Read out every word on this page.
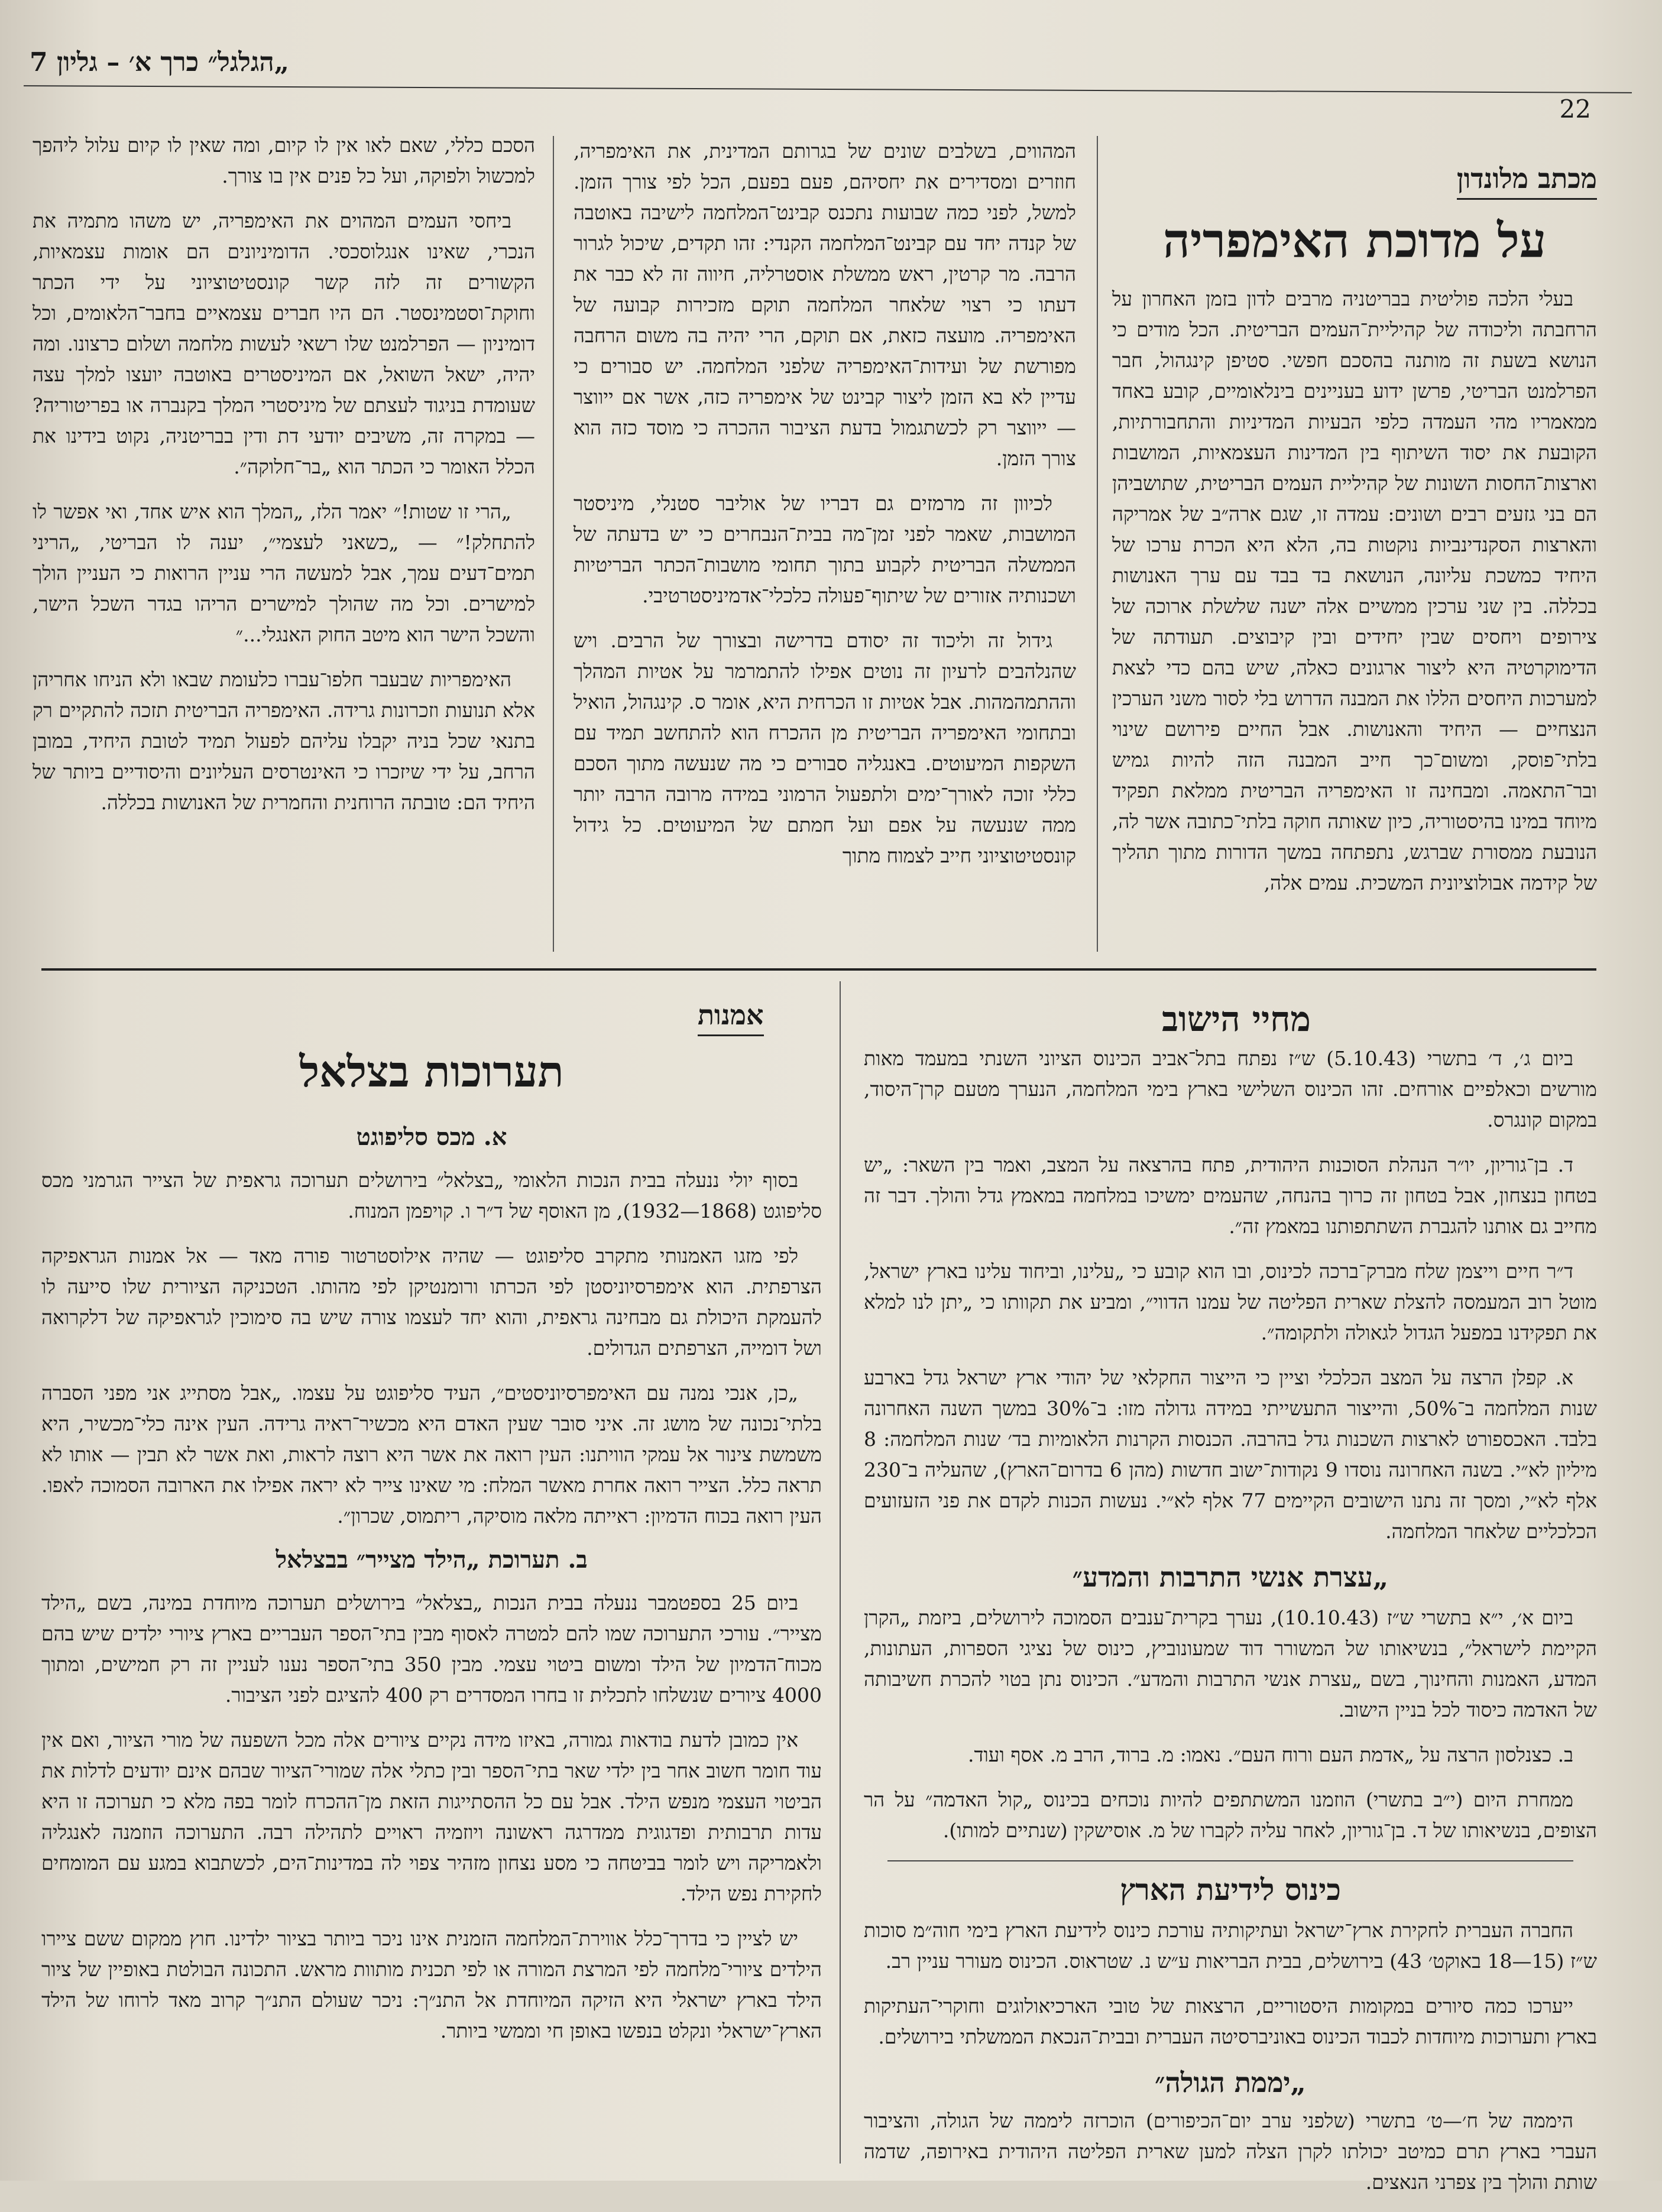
„הגלגל״ כרך א׳ – גליון 7
22
מכתב מלונדון
על מדוכת האימפריה

בעלי הלכה פוליטית בבריטניה מרבים לדון בזמן האחרון על הרחבתה וליכודה של קהיליית־העמים הבריטית. הכל מודים כי הנושא בשעת זה מותנה בהסכם חפשי. סטיפן קינגהול, חבר הפרלמנט הבריטי, פרשן ידוע בעניינים בינלאומיים, קובע באחד ממאמריו מהי העמדה כלפי הבעיות המדיניות והתחבורתיות, הקובעת את יסוד השיתוף בין המדינות העצמאיות, המושבות וארצות־החסות השונות של קהיליית העמים הבריטית, שתושביהן הם בני גזעים רבים ושונים: עמדה זו, שגם ארה״ב של אמריקה והארצות הסקנדינביות נוקטות בה, הלא היא הכרת ערכו של היחיד כמשכת עליונה, הנושאת בד בבד עם ערך האנושות בכללה. בין שני ערכין ממשיים אלה ישנה שלשלת ארוכה של צירופים ויחסים שבין יחידים ובין קיבוצים. תעודתה של הדימוקרטיה היא ליצור ארגונים כאלה, שיש בהם כדי לצאת למערכות היחסים הללו את המבנה הדרוש בלי לסור משני הערכין הנצחיים — היחיד והאנושות. אבל החיים פירושם שינוי בלתי־פוסק, ומשום־כך חייב המבנה הזה להיות גמיש ובר־התאמה. ומבחינה זו האימפריה הבריטית ממלאת תפקיד מיוחד במינו בהיסטוריה, כיון שאותה חוקה בלתי־כתובה אשר לה, הנובעת ממסורת שברגש, נתפתחה במשך הדורות מתוך תהליך של קידמה אבולוציונית המשכית. עמים אלה,

המהווים, בשלבים שונים של בגרותם המדינית, את האימפריה, חוזרים ומסדירים את יחסיהם, פעם בפעם, הכל לפי צורך הזמן. למשל, לפני כמה שבועות נתכנס קבינט־המלחמה לישיבה באוטבה של קנדה יחד עם קבינט־המלחמה הקנדי: זהו תקדים, שיכול לגרור הרבה. מר קרטין, ראש ממשלת אוסטרליה, חיווה זה לא כבר את דעתו כי רצוי שלאחר המלחמה תוקם מזכירות קבועה של האימפריה. מועצה כזאת, אם תוקם, הרי יהיה בה משום הרחבה מפורשת של ועידות־האימפריה שלפני המלחמה. יש סבורים כי עדיין לא בא הזמן ליצור קבינט של אימפריה כזה, אשר אם ייווצר — ייווצר רק לכשתגמול בדעת הציבור ההכרה כי מוסד כזה הוא צורך הזמן.

לכיוון זה מרמזים גם דבריו של אוליבר סטנלי, מיניסטר המושבות, שאמר לפני זמן־מה בבית־הנבחרים כי יש בדעתה של הממשלה הבריטית לקבוע בתוך תחומי מושבות־הכתר הבריטיות ושכנותיה אזורים של שיתוף־פעולה כלכלי־אדמיניסטרטיבי.

גידול זה וליכוד זה יסודם בדרישה ובצורך של הרבים. ויש שהנלהבים לרעיון זה נוטים אפילו להתמרמר על אטיות המהלך וההתמהמהות. אבל אטיות זו הכרחית היא, אומר ס. קינגהול, הואיל ובתחומי האימפריה הבריטית מן ההכרח הוא להתחשב תמיד עם השקפות המיעוטים. באנגליה סבורים כי מה שנעשה מתוך הסכם כללי זוכה לאורך־ימים ולתפעול הרמוני במידה מרובה הרבה יותר ממה שנעשה על אפם ועל חמתם של המיעוטים. כל גידול קונסטיטוציוני חייב לצמוח מתוך

הסכם כללי, שאם לאו אין לו קיום, ומה שאין לו קיום עלול ליהפך למכשול ולפוקה, ועל כל פנים אין בו צורך.

ביחסי העמים המהוים את האימפריה, יש משהו מתמיה את הנכרי, שאינו אנגלוסכסי. הדומיניונים הם אומות עצמאיות, הקשורים זה לזה קשר קונסטיטוציוני על ידי הכתר וחוקת־וסטמינסטר. הם היו חברים עצמאיים בחבר־הלאומים, וכל דומיניון — הפרלמנט שלו רשאי לעשות מלחמה ושלום כרצונו. ומה יהיה, ישאל השואל, אם המיניסטרים באוטבה יועצו למלך עצה שעומדת בניגוד לעצתם של מיניסטרי המלך בקנברה או בפריטוריה? — במקרה זה, משיבים יודעי דת ודין בבריטניה, נקוט בידינו את הכלל האומר כי הכתר הוא „בר־חלוקה״.

„הרי זו שטות!״ יאמר הלז, „המלך הוא איש אחד, ואי אפשר לו להתחלק!״ — „כשאני לעצמי״, יענה לו הבריטי, „הריני תמים־דעים עמך, אבל למעשה הרי עניין הרואות כי העניין הולך למישרים. וכל מה שהולך למישרים הריהו בגדר השכל הישר, והשכל הישר הוא מיטב החוק האנגלי...״

האימפריות שבעבר חלפו־עברו כלעומת שבאו ולא הניחו אחריהן אלא תנועות וזכרונות גרידה. האימפריה הבריטית תזכה להתקיים רק בתנאי שכל בניה יקבלו עליהם לפעול תמיד לטובת היחיד, במובן הרחב, על ידי שיזכרו כי האינטרסים העליונים והיסודיים ביותר של היחיד הם: טובתה הרוחנית והחמרית של האנושות בכללה.

מחיי הישוב

ביום ג׳, ד׳ בתשרי (5.10.43) ש״ז נפתח בתל־אביב הכינוס הציוני השנתי במעמד מאות מורשים וכאלפיים אורחים. זהו הכינוס השלישי בארץ בימי המלחמה, הנערך מטעם קרן־היסוד, במקום קונגרס.

ד. בן־גוריון, יו״ר הנהלת הסוכנות היהודית, פתח בהרצאה על המצב, ואמר בין השאר: „יש בטחון בנצחון, אבל בטחון זה כרוך בהנחה, שהעמים ימשיכו במלחמה במאמץ גדל והולך. דבר זה מחייב גם אותנו להגברת השתתפותנו במאמץ זה״.

ד״ר חיים וייצמן שלח מברק־ברכה לכינוס, ובו הוא קובע כי „עלינו, וביחוד עלינו בארץ ישראל, מוטל רוב המעמסה להצלת שארית הפליטה של עמנו הדווי״, ומביע את תקוותו כי „יתן לנו למלא את תפקידנו במפעל הגדול לגאולה ולתקומה״.

א. קפלן הרצה על המצב הכלכלי וציין כי הייצור החקלאי של יהודי ארץ ישראל גדל בארבע שנות המלחמה ב־50%, והייצור התעשייתי במידה גדולה מזו: ב־30% במשך השנה האחרונה בלבד. האכספורט לארצות השכנות גדל בהרבה. הכנסות הקרנות הלאומיות בד׳ שנות המלחמה: 8 מיליון לא״י. בשנה האחרונה נוסדו 9 נקודות־ישוב חדשות (מהן 6 בדרום־הארץ), שהעליה ב־230 אלף לא״י, ומסך זה נתנו הישובים הקיימים 77 אלף לא״י. נעשות הכנות לקדם את פני הזעזועים הכלכליים שלאחר המלחמה.

„עצרת אנשי התרבות והמדע״

ביום א׳, י״א בתשרי ש״ז (10.10.43), נערך בקרית־ענבים הסמוכה לירושלים, ביזמת „הקרן הקיימת לישראל״, בנשיאותו של המשורר דוד שמעונוביץ, כינוס של נציגי הספרות, העתונות, המדע, האמנות והחינוך, בשם „עצרת אנשי התרבות והמדע״. הכינוס נתן בטוי להכרת חשיבותה של האדמה כיסוד לכל בניין הישוב.

ב. כצנלסון הרצה על „אדמת העם ורוח העם״. נאמו: מ. ברוד, הרב מ. אסף ועוד.

ממחרת היום (י״ב בתשרי) הוזמנו המשתתפים להיות נוכחים בכינוס „קול האדמה״ על הר הצופים, בנשיאותו של ד. בן־גוריון, לאחר עליה לקברו של מ. אוסישקין (שנתיים למותו).

כינוס לידיעת הארץ

החברה העברית לחקירת ארץ־ישראל ועתיקותיה עורכת כינוס לידיעת הארץ בימי חוה״מ סוכות ש״ז (15—18 באוקט׳ 43) בירושלים, בבית הבריאות ע״ש נ. שטראוס. הכינוס מעורר עניין רב.

ייערכו כמה סיורים במקומות היסטוריים, הרצאות של טובי הארכיאולוגים וחוקרי־העתיקות בארץ ותערוכות מיוחדות לכבוד הכינוס באוניברסיטה העברית ובבית־הנכאת הממשלתי בירושלים.

„יממת הגולה״

היממה של ח׳—ט׳ בתשרי (שלפני ערב יום־הכיפורים) הוכרזה ליממה של הגולה, והציבור העברי בארץ תרם כמיטב יכולתו לקרן הצלה למען שארית הפליטה היהודית באירופה, שדמה שותת והולך בין צפרני הנאצים.

אמנות
תערוכות בצלאל
א. מכס סליפוגט

בסוף יולי ננעלה בבית הנכות הלאומי „בצלאל״ בירושלים תערוכה גראפית של הצייר הגרמני מכס סליפוגט (1868—1932), מן האוסף של ד״ר ו. קויפמן המנוח.

לפי מזגו האמנותי מתקרב סליפוגט — שהיה אילוסטרטור פורה מאד — אל אמנות הגראפיקה הצרפתית. הוא אימפרסיוניסטן לפי הכרתו ורומנטיקן לפי מהותו. הטכניקה הציורית שלו סייעה לו להעמקת היכולת גם מבחינה גראפית, והוא יחד לעצמו צורה שיש בה סימוכין לגראפיקה של דלקרואה ושל דומייה, הצרפתים הגדולים.

„כן, אנכי נמנה עם האימפרסיוניסטים״, העיד סליפוגט על עצמו. „אבל מסתייג אני מפני הסברה בלתי־נכונה של מושג זה. איני סובר שעין האדם היא מכשיר־ראיה גרידה. העין אינה כלי־מכשיר, היא משמשת צינור אל עמקי הוויתנו: העין רואה את אשר היא רוצה לראות, ואת אשר לא תבין — אותו לא תראה כלל. הצייר רואה אחרת מאשר המלח: מי שאינו צייר לא יראה אפילו את הארובה הסמוכה לאפו. העין רואה בכוח הדמיון: ראייתה מלאה מוסיקה, ריתמוס, שכרון״.

ב. תערוכת „הילד מצייר״ בבצלאל

ביום 25 בספטמבר ננעלה בבית הנכות „בצלאל״ בירושלים תערוכה מיוחדת במינה, בשם „הילד מצייר״. עורכי התערוכה שמו להם למטרה לאסוף מבין בתי־הספר העבריים בארץ ציורי ילדים שיש בהם מכוח־הדמיון של הילד ומשום ביטוי עצמי. מבין 350 בתי־הספר נענו לעניין זה רק חמישים, ומתוך 4000 ציורים שנשלחו לתכלית זו בחרו המסדרים רק 400 להציגם לפני הציבור.

אין כמובן לדעת בודאות גמורה, באיזו מידה נקיים ציורים אלה מכל השפעה של מורי הציור, ואם אין עוד חומר חשוב אחר בין ילדי שאר בתי־הספר ובין כתלי אלה שמורי־הציור שבהם אינם יודעים לדלות את הביטוי העצמי מנפש הילד. אבל עם כל ההסתייגות הזאת מן־ההכרח לומר בפה מלא כי תערוכה זו היא עדות תרבותית ופדגוגית ממדרגה ראשונה ויוזמיה ראויים לתהילה רבה. התערוכה הוזמנה לאנגליה ולאמריקה ויש לומר בביטחה כי מסע נצחון מזהיר צפוי לה במדינות־הים, לכשתבוא במגע עם המומחים לחקירת נפש הילד.

יש לציין כי בדרך־כלל אווירת־המלחמה הזמנית אינו ניכר ביותר בציור ילדינו. חוץ ממקום ששם ציירו הילדים ציורי־מלחמה לפי המרצת המורה או לפי תכנית מותוות מראש. התכונה הבולטת באופיין של ציור הילד בארץ ישראלי היא הזיקה המיוחדת אל התנ״ך: ניכר שעולם התנ״ך קרוב מאד לרוחו של הילד הארץ־ישראלי ונקלט בנפשו באופן חי וממשי ביותר.
